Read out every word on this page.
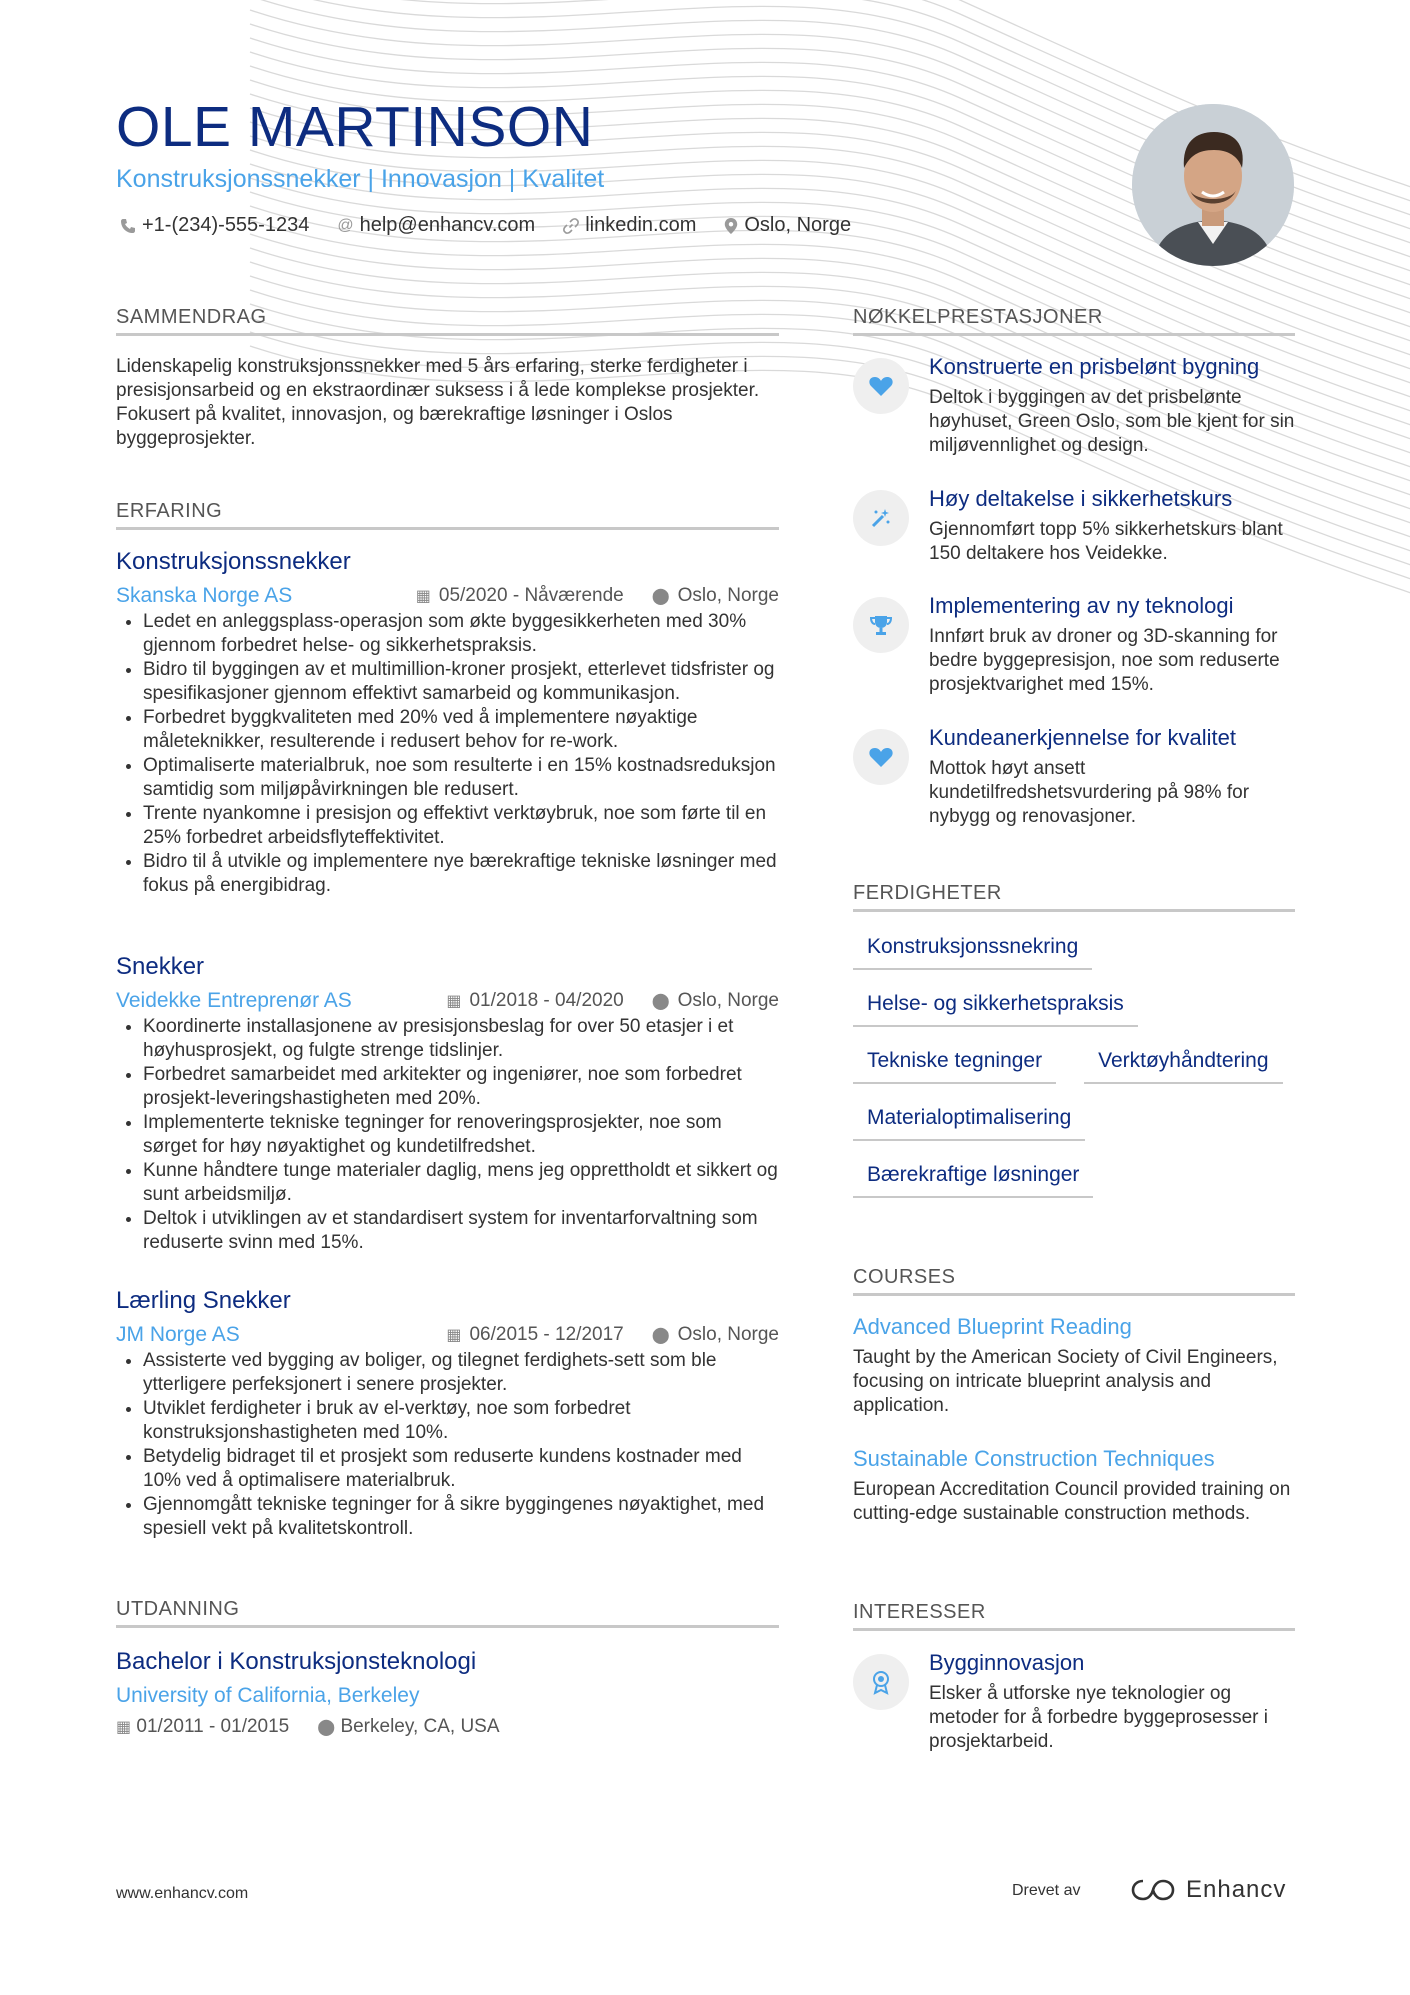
OLE MARTINSON
Konstruksjonssnekker | Innovasjon | Kvalitet
+1-(234)-555-1234 @ help@enhancv.com	linkedin.com Oslo, Norge
SAMMENDRAG
Lidenskapelig konstruksjonssnekker med 5 års erfaring, sterke ferdigheter i presisjonsarbeid og en ekstraordinær suksess i å lede komplekse prosjekter. Fokusert på kvalitet, innovasjon, og bærekraftige løsninger i Oslos byggeprosjekter.
ERFARING
Konstruksjonssnekker
Skanska Norge AS	▦ 05/2020 - Nåværende ⬤ Oslo, Norge
• Ledet en anleggsplass-operasjon som økte byggesikkerheten med 30% gjennom forbedret helse- og sikkerhetspraksis.
• Bidro til byggingen av et multimillion-kroner prosjekt, etterlevet tidsfrister og spesifikasjoner gjennom effektivt samarbeid og kommunikasjon.
• Forbedret byggkvaliteten med 20% ved å implementere nøyaktige måleteknikker, resulterende i redusert behov for re-work.
• Optimaliserte materialbruk, noe som resulterte i en 15% kostnadsreduksjon samtidig som miljøpåvirkningen ble redusert.
• Trente nyankomne i presisjon og effektivt verktøybruk, noe som førte til en 25% forbedret arbeidsflyteffektivitet.
• Bidro til å utvikle og implementere nye bærekraftige tekniske løsninger med fokus på energibidrag.
Snekker
Veidekke Entreprenør AS	▦ 01/2018 - 04/2020 ⬤ Oslo, Norge
• Koordinerte installasjonene av presisjonsbeslag for over 50 etasjer i et høyhusprosjekt, og fulgte strenge tidslinjer.
• Forbedret samarbeidet med arkitekter og ingeniører, noe som forbedret prosjekt-leveringshastigheten med 20%.
• Implementerte tekniske tegninger for renoveringsprosjekter, noe som sørget for høy nøyaktighet og kundetilfredshet.
• Kunne håndtere tunge materialer daglig, mens jeg opprettholdt et sikkert og sunt arbeidsmiljø.
• Deltok i utviklingen av et standardisert system for inventarforvaltning som reduserte svinn med 15%.
Lærling Snekker
JM Norge AS	▦ 06/2015 - 12/2017 ⬤ Oslo, Norge
• Assisterte ved bygging av boliger, og tilegnet ferdighets-sett som ble ytterligere perfeksjonert i senere prosjekter.
• Utviklet ferdigheter i bruk av el-verktøy, noe som forbedret konstruksjonshastigheten med 10%.
• Betydelig bidraget til et prosjekt som reduserte kundens kostnader med 10% ved å optimalisere materialbruk.
• Gjennomgått tekniske tegninger for å sikre byggingenes nøyaktighet, med spesiell vekt på kvalitetskontroll.
UTDANNING
Bachelor i Konstruksjonsteknologi
University of California, Berkeley
▦ 01/2011 - 01/2015 ⬤ Berkeley, CA, USA
NØKKELPRESTASJONER
Konstruerte en prisbelønt bygning
Deltok i byggingen av det prisbelønte høyhuset, Green Oslo, som ble kjent for sin miljøvennlighet og design.
Høy deltakelse i sikkerhetskurs
Gjennomført topp 5% sikkerhetskurs blant 150 deltakere hos Veidekke.
Implementering av ny teknologi
Innført bruk av droner og 3D-skanning for bedre byggepresisjon, noe som reduserte prosjektvarighet med 15%.
Kundeanerkjennelse for kvalitet
Mottok høyt ansett kundetilfredshetsvurdering på 98% for nybygg og renovasjoner.
FERDIGHETER
Konstruksjonssnekring
Helse- og sikkerhetspraksis
Tekniske tegninger	Verktøyhåndtering
Materialoptimalisering
Bærekraftige løsninger
COURSES
Advanced Blueprint Reading
Taught by the American Society of Civil Engineers, focusing on intricate blueprint analysis and application.
Sustainable Construction Techniques
European Accreditation Council provided training on cutting-edge sustainable construction methods.
INTERESSER
Bygginnovasjon
Elsker å utforske nye teknologier og metoder for å forbedre byggeprosesser i prosjektarbeid.
www.enhancv.com	Drevet av	Enhancv
